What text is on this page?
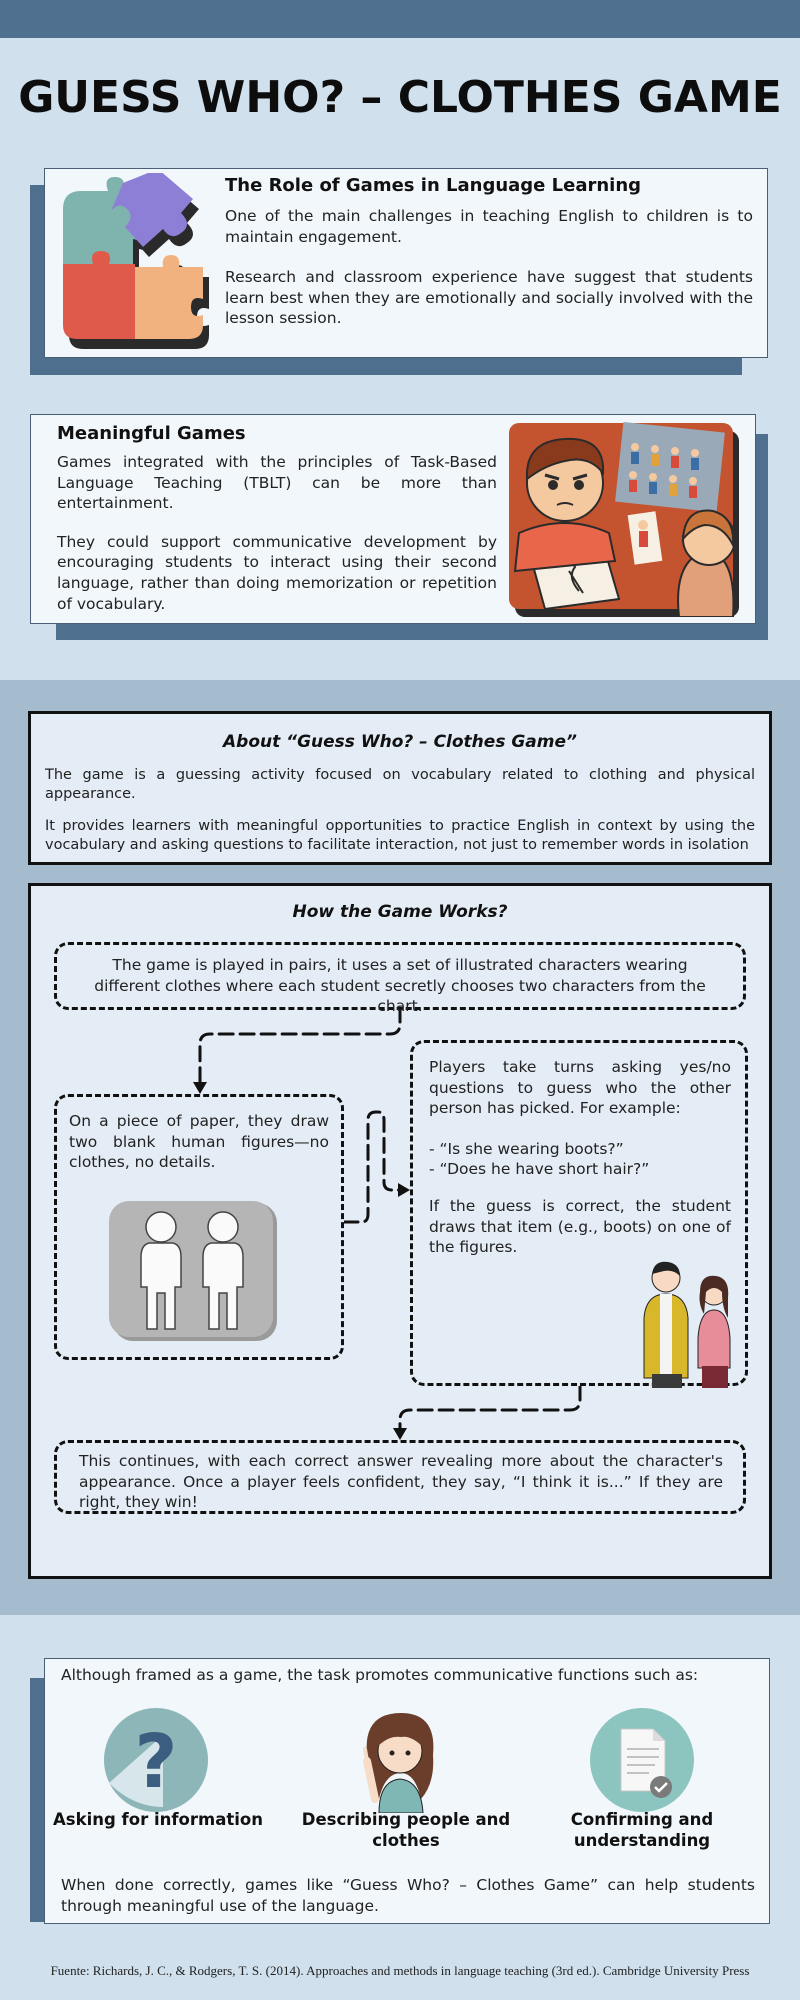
GUESS WHO? – CLOTHES GAME
The Role of Games in Language Learning

One of the main challenges in teaching English to children is to maintain engagement.

Research and classroom experience have suggest that students learn best when they are emotionally and socially involved with the lesson session.

Meaningful Games

Games integrated with the principles of Task-Based Language Teaching (TBLT) can be more than entertainment.

They could support communicative development by encouraging students to interact using their second language, rather than doing memorization or repetition of vocabulary.

About “Guess Who? – Clothes Game”

The game is a guessing activity focused on vocabulary related to clothing and physical appearance.

It provides learners with meaningful opportunities to practice English in context by using the vocabulary and asking questions to facilitate interaction, not just to remember words in isolation

How the Game Works?

The game is played in pairs, it uses a set of illustrated characters wearing different clothes where each student secretly chooses two characters from the chart.

On a piece of paper, they draw two blank human figures—no clothes, no details.

Players take turns asking yes/no questions to guess who the other person has picked. For example:

- “Is she wearing boots?”

- “Does he have short hair?”

If the guess is correct, the student draws that item (e.g., boots) on one of the figures.

This continues, with each correct answer revealing more about the character's appearance. Once a player feels confident, they say, “I think it is...” If they are right, they win!

Although framed as a game, the task promotes communicative functions such as:

?

Asking for information	Describing people and clothes

Confirming and understanding

When done correctly, games like “Guess Who? – Clothes Game” can help students through meaningful use of the language.

Fuente: Richards, J. C., & Rodgers, T. S. (2014). Approaches and methods in language teaching (3rd ed.). Cambridge University Press
